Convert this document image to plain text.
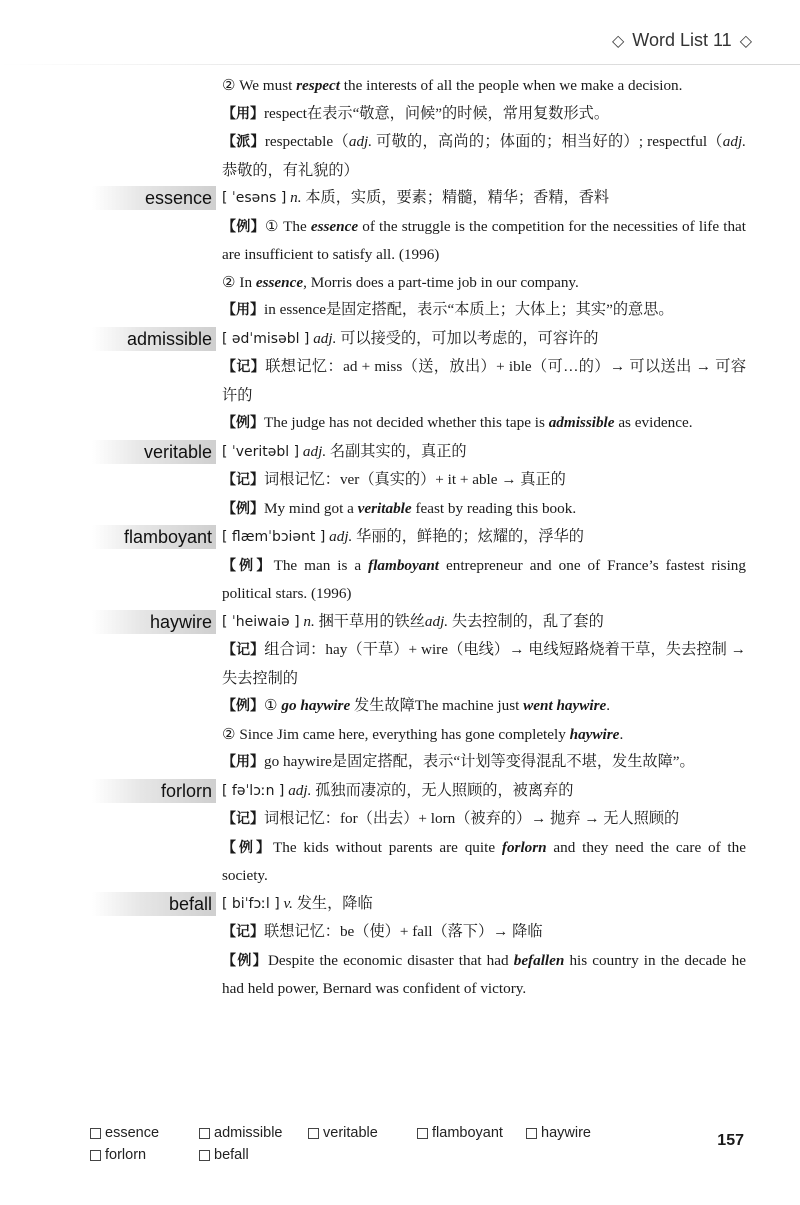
◇ Word List 11 ◇

② We must respect the interests of all the people when we make a decision.

【用】respect在表示“敬意，问候”的时候，常用复数形式。

【派】respectable（adj. 可敬的，高尚的；体面的；相当好的）; respectful（adj. 恭敬的，有礼貌的）

essence [ ˈesəns ] n. 本质，实质，要素；精髓，精华；香精，香料

【例】① The essence of the struggle is the competition for the necessities of life that are insufficient to satisfy all. (1996)

② In essence, Morris does a part-time job in our company.

【用】in essence是固定搭配，表示“本质上；大体上；其实”的意思。

admissible [ ədˈmisəbl ] adj. 可以接受的，可加以考虑的，可容许的

【记】联想记忆：ad + miss（送，放出）+ ible（可…的）→ 可以送出 → 可容许的

【例】The judge has not decided whether this tape is admissible as evidence.

veritable [ ˈveritəbl ] adj. 名副其实的，真正的

【记】词根记忆：ver（真实的）+ it + able → 真正的

【例】My mind got a veritable feast by reading this book.

flamboyant [ flæmˈbɔiənt ] adj. 华丽的，鲜艳的；炫耀的，浮华的

【例】The man is a flamboyant entrepreneur and one of France’s fastest rising political stars. (1996)

haywire [ ˈheiwaiə ] n. 捆干草用的铁丝adj. 失去控制的，乱了套的

【记】组合词：hay（干草）+ wire（电线）→ 电线短路烧着干草，失去控制 → 失去控制的

【例】① go haywire 发生故障The machine just went haywire.

② Since Jim came here, everything has gone completely haywire.

【用】go haywire是固定搭配，表示“计划等变得混乱不堪，发生故障”。

forlorn [ fəˈlɔːn ] adj. 孤独而凄凉的，无人照顾的，被离弃的

【记】词根记忆：for（出去）+ lorn（被弃的）→ 抛弃 → 无人照顾的

【例】The kids without parents are quite forlorn and they need the care of the society.

befall [ biˈfɔːl ] v. 发生，降临

【记】联想记忆：be（使）+ fall（落下）→ 降临

【例】Despite the economic disaster that had befallen his country in the decade he had held power, Bernard was confident of victory.

essence	admissible	veritable	flamboyant	haywire
forlorn	befall
157
